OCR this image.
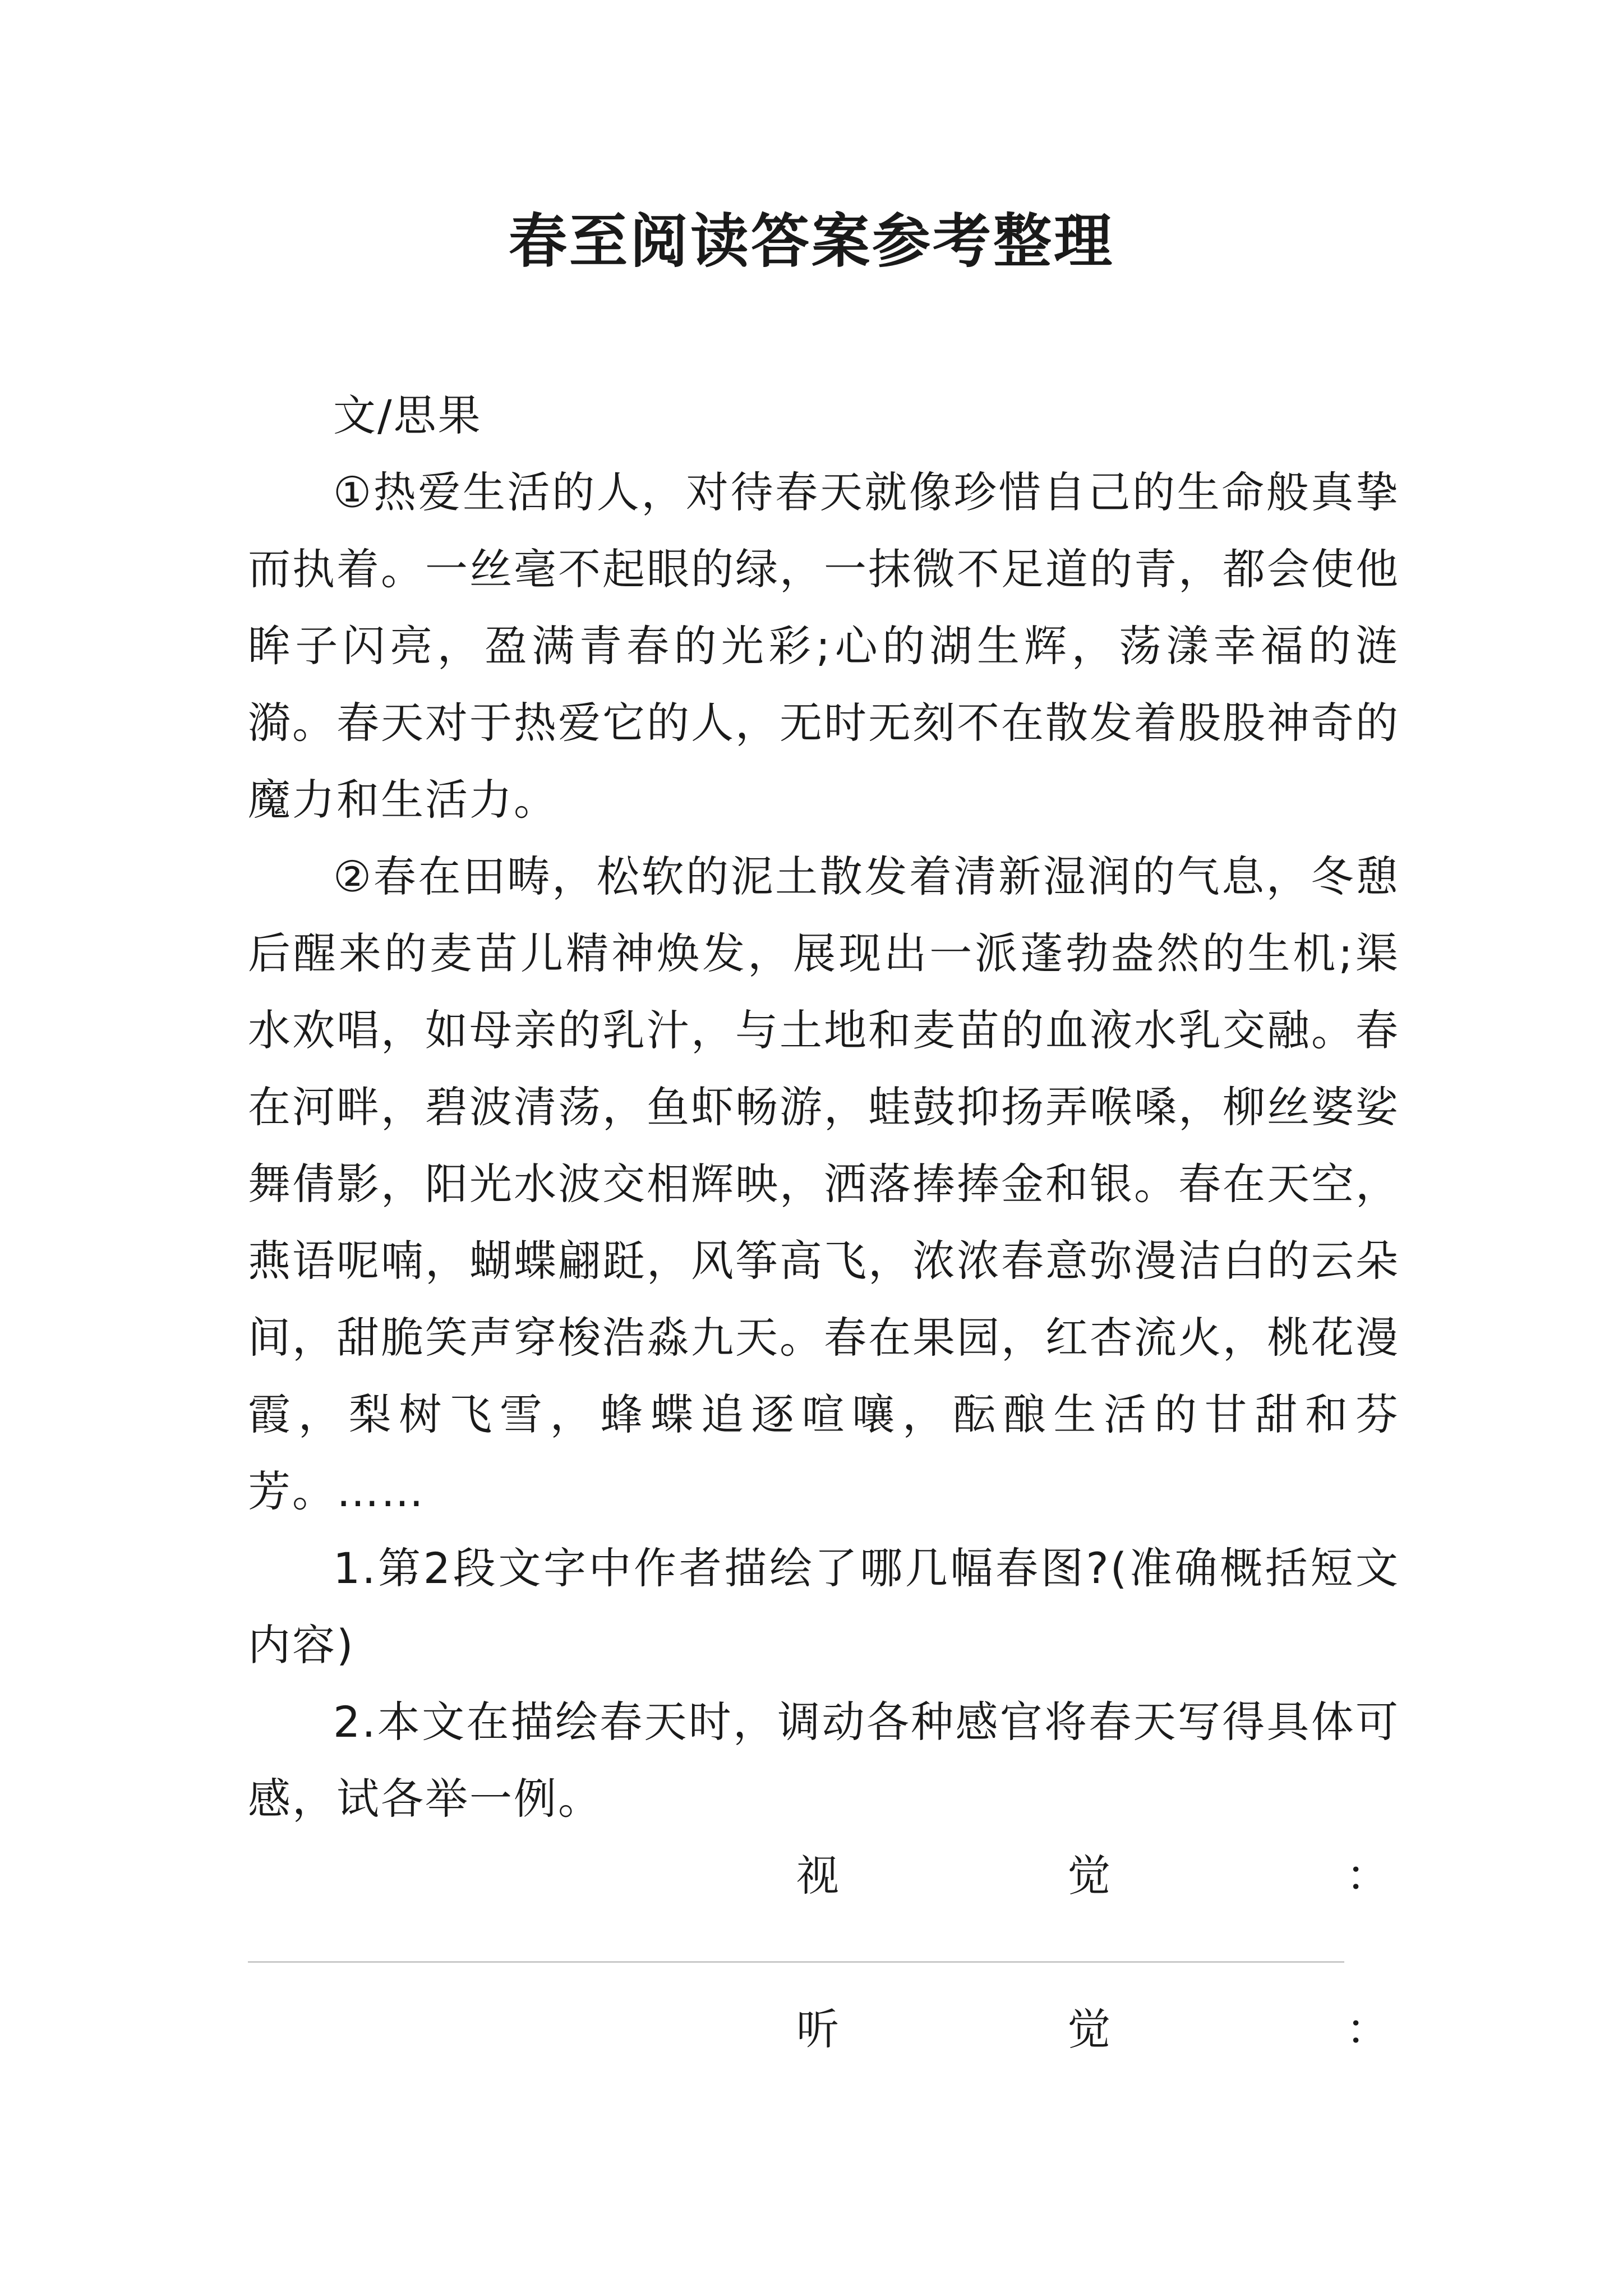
春至阅读答案参考整理

文/思果

①热爱生活的人，对待春天就像珍惜自己的生命般真挚而执着。一丝毫不起眼的绿，一抹微不足道的青，都会使他眸子闪亮，盈满青春的光彩;心的湖生辉，荡漾幸福的涟漪。春天对于热爱它的人，无时无刻不在散发着股股神奇的魔力和生活力。

②春在田畴，松软的泥土散发着清新湿润的气息，冬憩后醒来的麦苗儿精神焕发，展现出一派蓬勃盎然的生机;渠水欢唱，如母亲的乳汁，与土地和麦苗的血液水乳交融。春在河畔，碧波清荡，鱼虾畅游，蛙鼓抑扬弄喉嗓，柳丝婆娑舞倩影，阳光水波交相辉映，洒落捧捧金和银。春在天空，燕语呢喃，蝴蝶翩跹，风筝高飞，浓浓春意弥漫洁白的云朵间，甜脆笑声穿梭浩淼九天。春在果园，红杏流火，桃花漫霞，梨树飞雪，蜂蝶追逐喧嚷，酝酿生活的甘甜和芬芳。……

1.第2段文字中作者描绘了哪几幅春图?(准确概括短文内容)

2.本文在描绘春天时，调动各种感官将春天写得具体可感，试各举一例。

视	觉	：
听	觉	：
